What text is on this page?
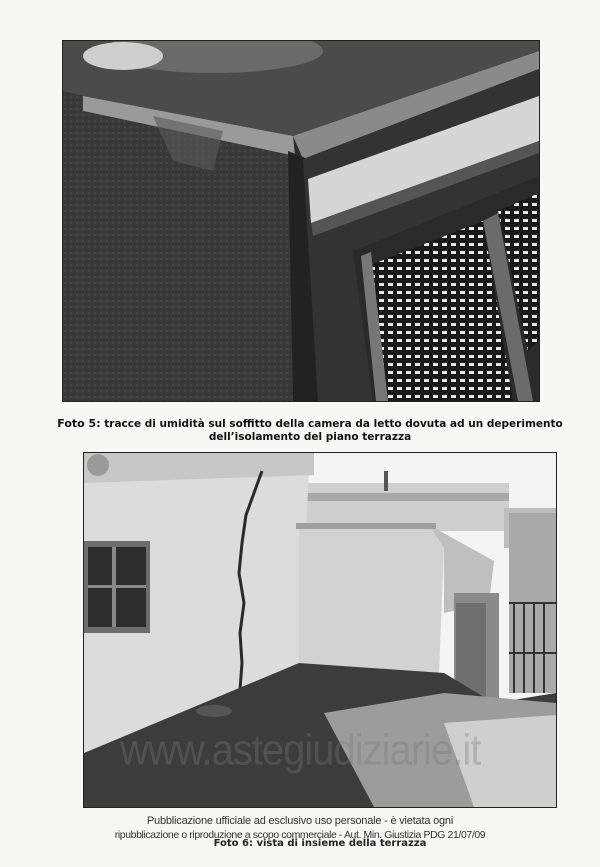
Foto 5: tracce di umidità sul soffitto della camera da letto dovuta ad un deperimento dell’isolamento del piano terrazza
www.astegiudiziarie.it
Pubblicazione ufficiale ad esclusivo uso personale - è vietata ogni
ripubblicazione o riproduzione a scopo commerciale - Aut. Min. Giustizia PDG 21/07/09
Foto 6: vista di insieme della terrazza
